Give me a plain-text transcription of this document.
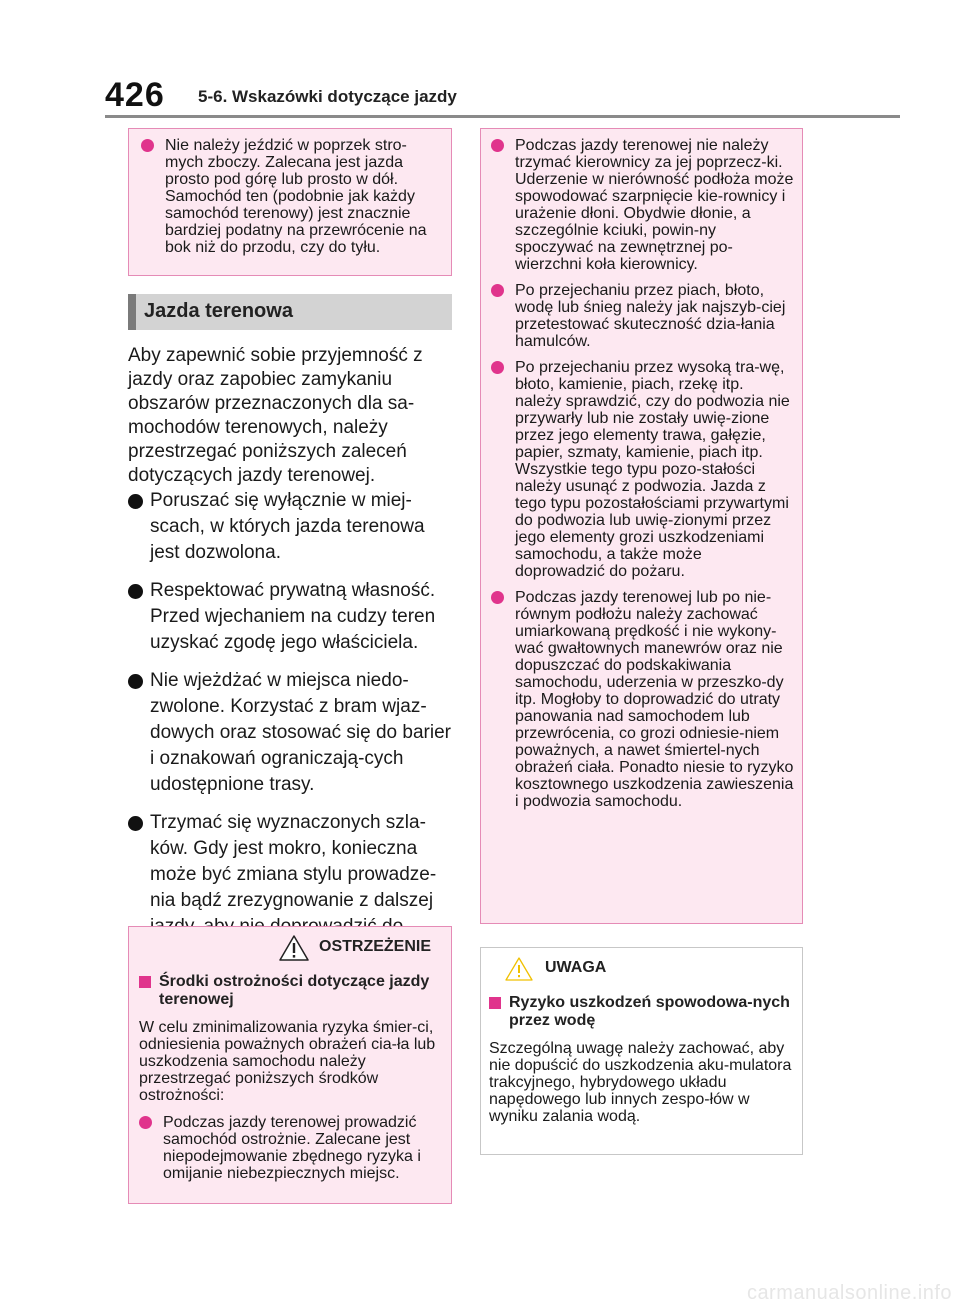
426 5-6. Wskazówki dotyczące jazdy
Nie należy jeździć w poprzek stro-mych zboczy. Zalecana jest jazda prosto pod górę lub prosto w dół. Samochód ten (podobnie jak każdy samochód terenowy) jest znacznie bardziej podatny na przewrócenie na bok niż do przodu, czy do tyłu.
Jazda terenowa
Aby zapewnić sobie przyjemność z jazdy oraz zapobiec zamykaniu obszarów przeznaczonych dla sa-mochodów terenowych, należy przestrzegać poniższych zaleceń dotyczących jazdy terenowej.
Poruszać się wyłącznie w miej-scach, w których jazda terenowa jest dozwolona.
Respektować prywatną własność. Przed wjechaniem na cudzy teren uzyskać zgodę jego właściciela.
Nie wjeżdżać w miejsca niedo-zwolone. Korzystać z bram wjaz-dowych oraz stosować się do barier i oznakowań ograniczają-cych udostępnione trasy.
Trzymać się wyznaczonych szla-ków. Gdy jest mokro, konieczna może być zmiana stylu prowadze-nia bądź zrezygnowanie z dalszej
OSTRZEŻENIE
Środki ostrożności dotyczące jazdy terenowej
W celu zminimalizowania ryzyka śmier-ci, odniesienia poważnych obrażeń cia-ła lub uszkodzenia samochodu należy przestrzegać poniższych środków ostrożności:
Podczas jazdy terenowej prowadzić samochód ostrożnie. Zalecane jest niepodejmowanie zbędnego ryzyka i omijanie niebezpiecznych miejsc.
Podczas jazdy terenowej nie należy trzymać kierownicy za jej poprzecz-ki. Uderzenie w nierówność podłoża może spowodować szarpnięcie kie-rownicy i urażenie dłoni. Obydwie dłonie, a szczególnie kciuki, powin-ny spoczywać na zewnętrznej po-wierzchni koła kierownicy.
Po przejechaniu przez piach, błoto, wodę lub śnieg należy jak najszyb-ciej przetestować skuteczność dzia-łania hamulców.
Po przejechaniu przez wysoką tra-wę, błoto, kamienie, piach, rzekę itp. należy sprawdzić, czy do podwozia nie przywarły lub nie zostały uwię-zione przez jego elementy trawa, gałęzie, papier, szmaty, kamienie, piach itp. Wszystkie tego typu pozo-stałości należy usunąć z podwozia. Jazda z tego typu pozostałościami przywartymi do podwozia lub uwię-zionymi przez jego elementy grozi uszkodzeniami samochodu, a także może doprowadzić do pożaru.
Podczas jazdy terenowej lub po nie-równym podłożu należy zachować umiarkowaną prędkość i nie wykony-wać gwałtownych manewrów oraz nie dopuszczać do podskakiwania samochodu, uderzenia w przeszko-dy itp. Mogłoby to doprowadzić do utraty panowania nad samochodem lub przewrócenia, co grozi odniesie-niem poważnych, a nawet śmiertel-nych obrażeń ciała. Ponadto niesie to ryzyko kosztownego uszkodzenia zawieszenia i podwozia samochodu.
UWAGA
Ryzyko uszkodzeń spowodowa-nych przez wodę
Szczególną uwagę należy zachować, aby nie dopuścić do uszkodzenia aku-mulatora trakcyjnego, hybrydowego układu napędowego lub innych zespo-łów w wyniku zalania wodą.
carmanualsonline.info
